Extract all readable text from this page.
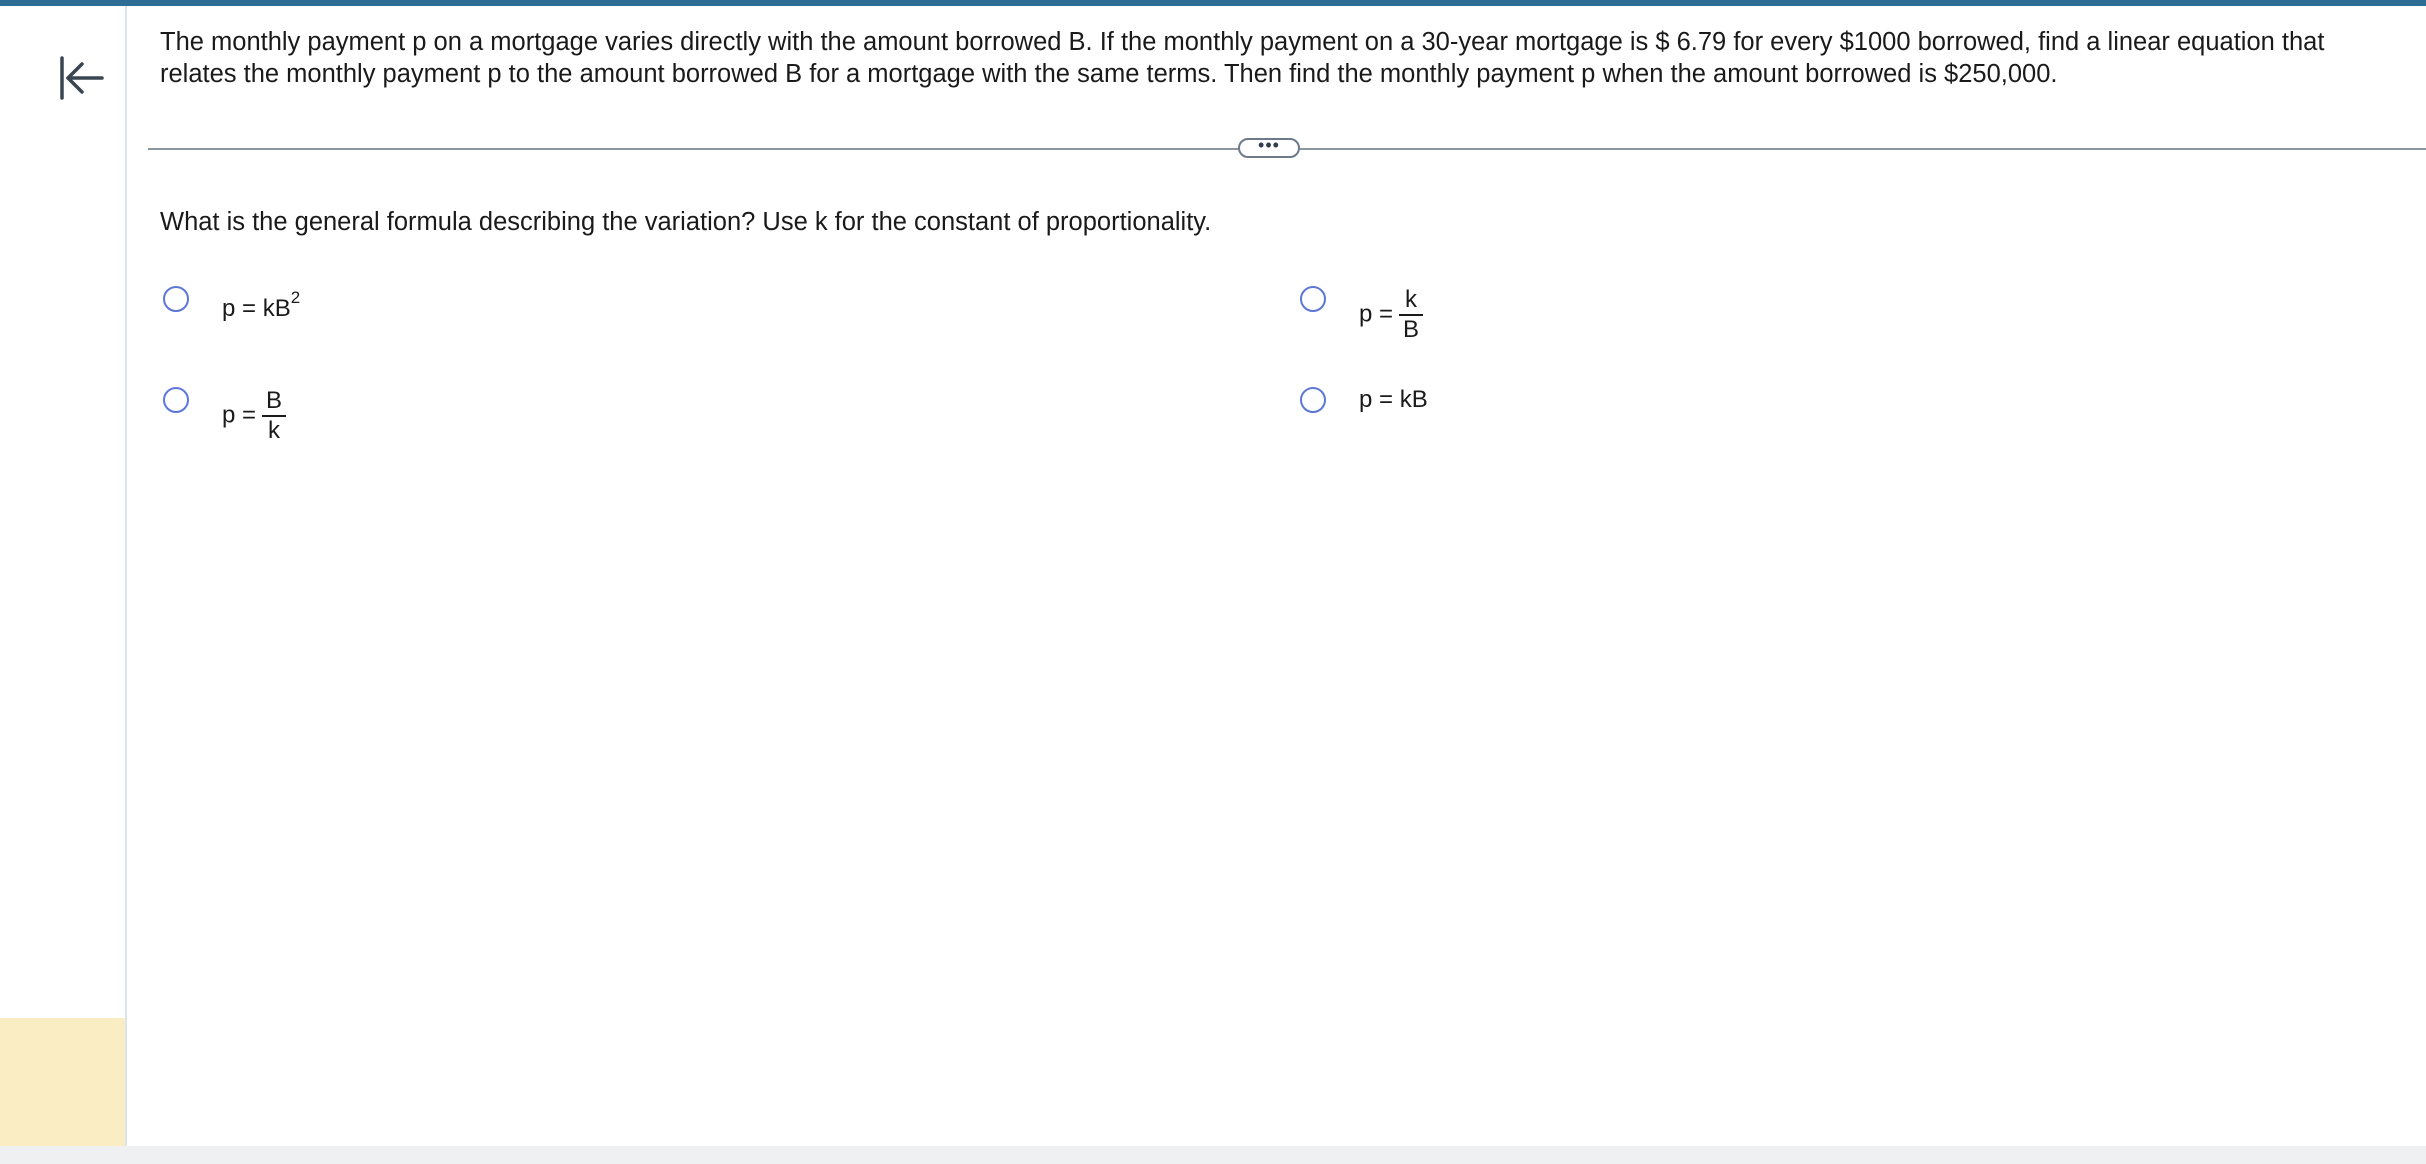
The monthly payment p on a mortgage varies directly with the amount borrowed B. If the monthly payment on a 30-year mortgage is $ 6.79 for every $1000 borrowed, find a linear equation that relates the monthly payment p to the amount borrowed B for a mortgage with the same terms. Then find the monthly payment p when the amount borrowed is $250,000.

•••

What is the general formula describing the variation? Use k for the constant of proportionality.

$p = kB^2$
$p = \frac{k}{B}$
$p = \frac{B}{k}$	p = kB
